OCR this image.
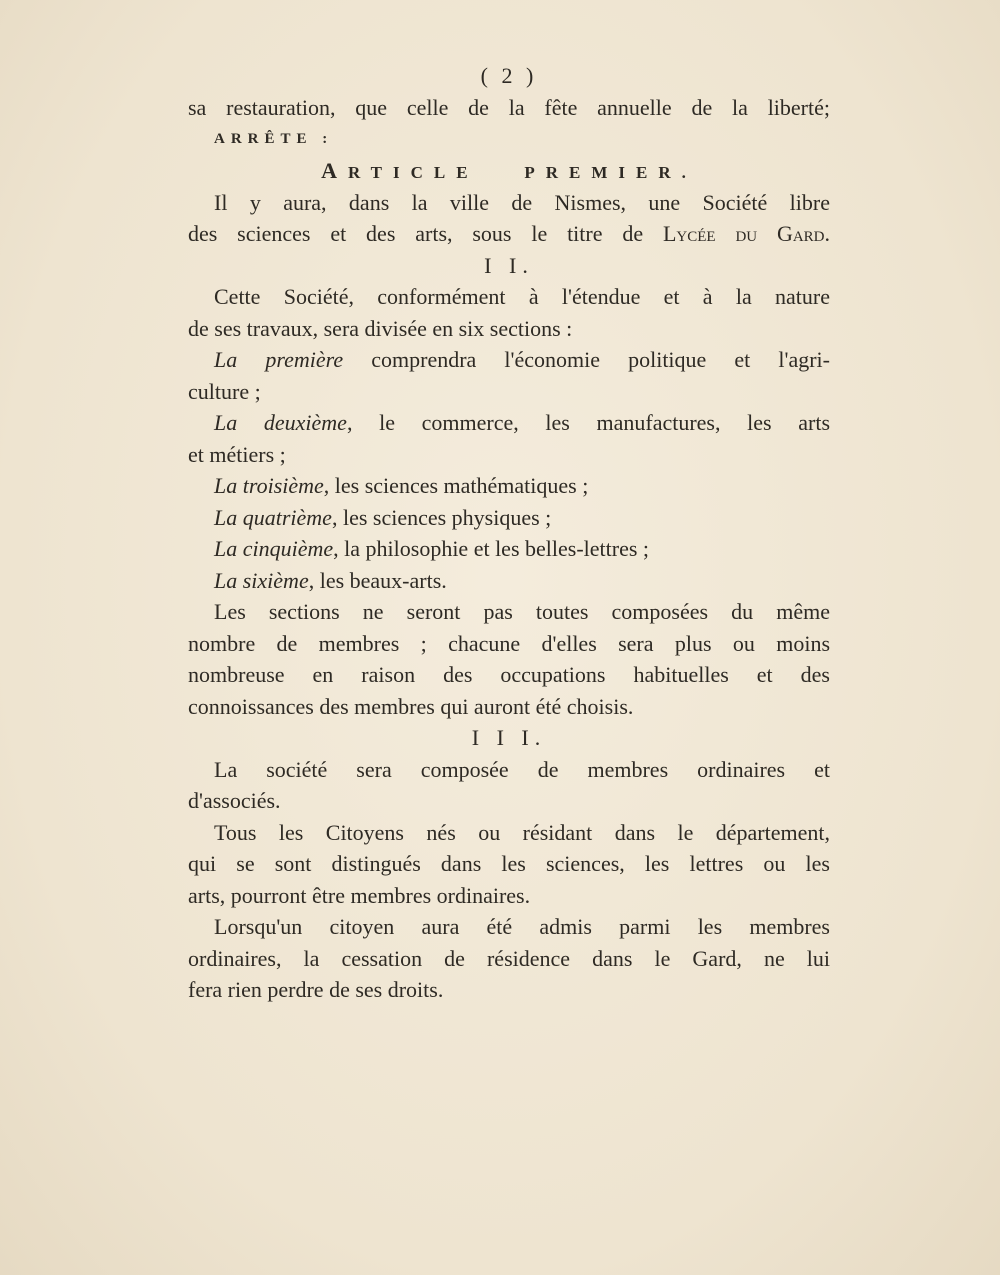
( 2 )
sa restauration, que celle de la fête annuelle de la liberté;
ARRÊTE :
ARTICLE	PREMIER.
Il y aura, dans la ville de Nismes, une Société libre
des sciences et des arts, sous le titre de Lycée du Gard.
I I.
Cette Société, conformément à l'étendue et à la nature
de ses travaux, sera divisée en six sections :
La première comprendra l'économie politique et l'agri-
culture ;
La deuxième, le commerce, les manufactures, les arts
et métiers ;
La troisième, les sciences mathématiques ;
La quatrième, les sciences physiques ;
La cinquième, la philosophie et les belles-lettres ;
La sixième, les beaux-arts.
Les sections ne seront pas toutes composées du même
nombre de membres ; chacune d'elles sera plus ou moins
nombreuse en raison des occupations habituelles et des
connoissances des membres qui auront été choisis.
I I I.
La société sera composée de membres ordinaires et
d'associés.
Tous les Citoyens nés ou résidant dans le département,
qui se sont distingués dans les sciences, les lettres ou les
arts, pourront être membres ordinaires.
Lorsqu'un citoyen aura été admis parmi les membres
ordinaires, la cessation de résidence dans le Gard, ne lui
fera rien perdre de ses droits.
